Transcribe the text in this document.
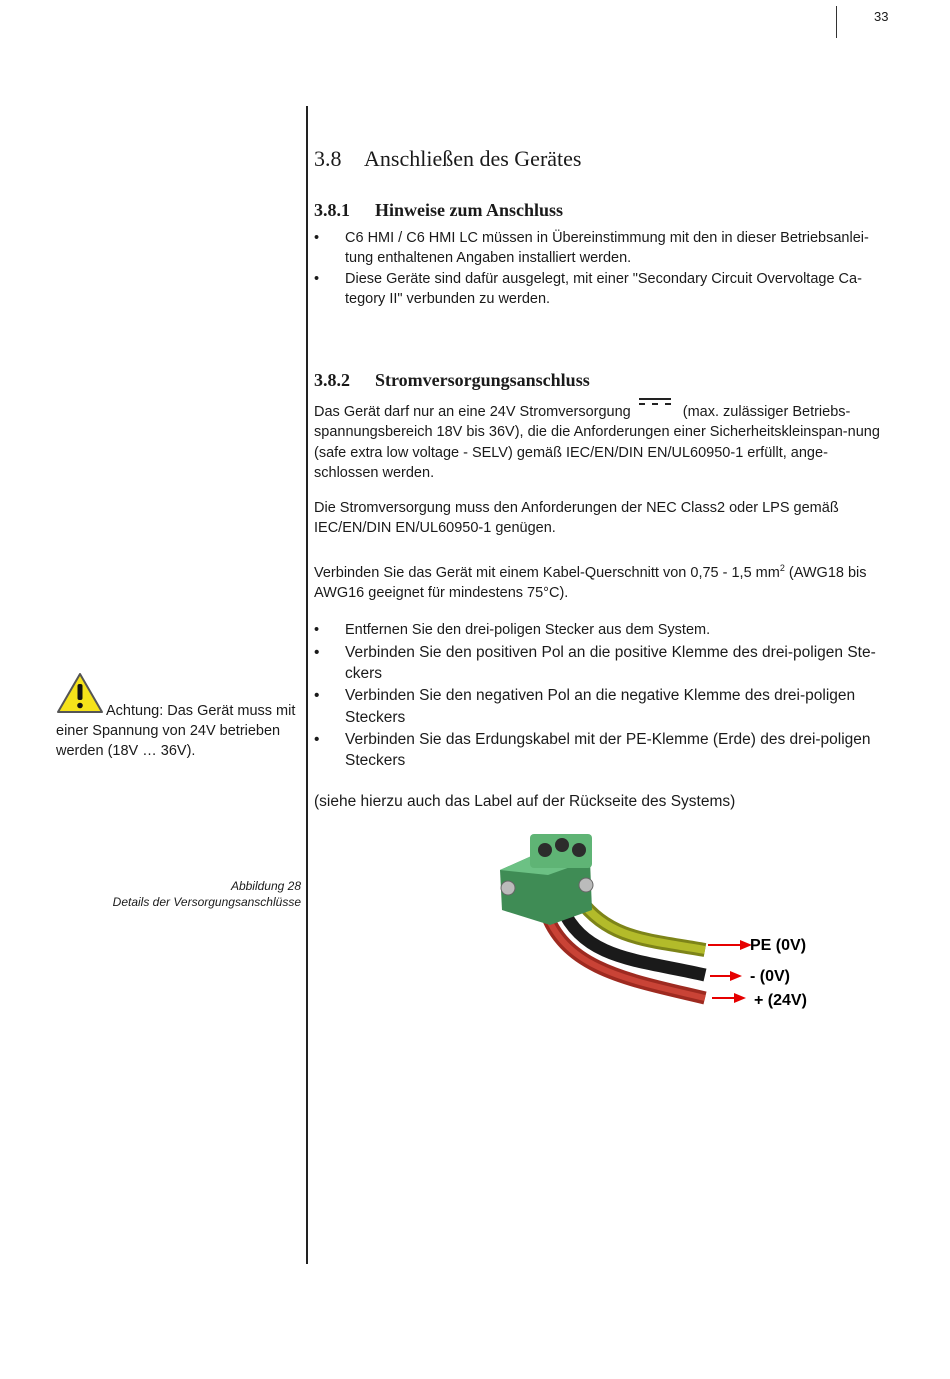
33
3.8 Anschließen des Gerätes
3.8.1 Hinweise zum Anschluss
• C6 HMI / C6 HMI LC müssen in Übereinstimmung mit den in dieser Betriebsanlei-tung enthaltenen Angaben installiert werden.
• Diese Geräte sind dafür ausgelegt, mit einer "Secondary Circuit Overvoltage Ca-tegory II" verbunden zu werden.
3.8.2 Stromversorgungsanschluss
Das Gerät darf nur an eine 24V Stromversorgung	(max. zulässiger Betriebs-spannungsbereich 18V bis 36V), die die Anforderungen einer Sicherheitskleinspan-nung (safe extra low voltage - SELV) gemäß IEC/EN/DIN EN/UL60950-1 erfüllt, ange-schlossen werden.
Die Stromversorgung muss den Anforderungen der NEC Class2 oder LPS gemäß IEC/EN/DIN EN/UL60950-1 genügen.
Verbinden Sie das Gerät mit einem Kabel-Querschnitt von 0,75 - 1,5 $mm^2$ (AWG18 bis AWG16 geeignet für mindestens 75°C).
• Entfernen Sie den drei-poligen Stecker aus dem System.
• Verbinden Sie den positiven Pol an die positive Klemme des drei-poligen Ste-ckers
• Verbinden Sie den negativen Pol an die negative Klemme des drei-poligen Steckers
• Verbinden Sie das Erdungskabel mit der PE-Klemme (Erde) des drei-poligen Steckers
(siehe hierzu auch das Label auf der Rückseite des Systems)
Achtung: Das Gerät muss mit einer Spannung von 24V betrieben werden (18V … 36V).
Abbildung 28
Details der Versorgungsanschlüsse
PE (0V)
- (0V)
+ (24V)
